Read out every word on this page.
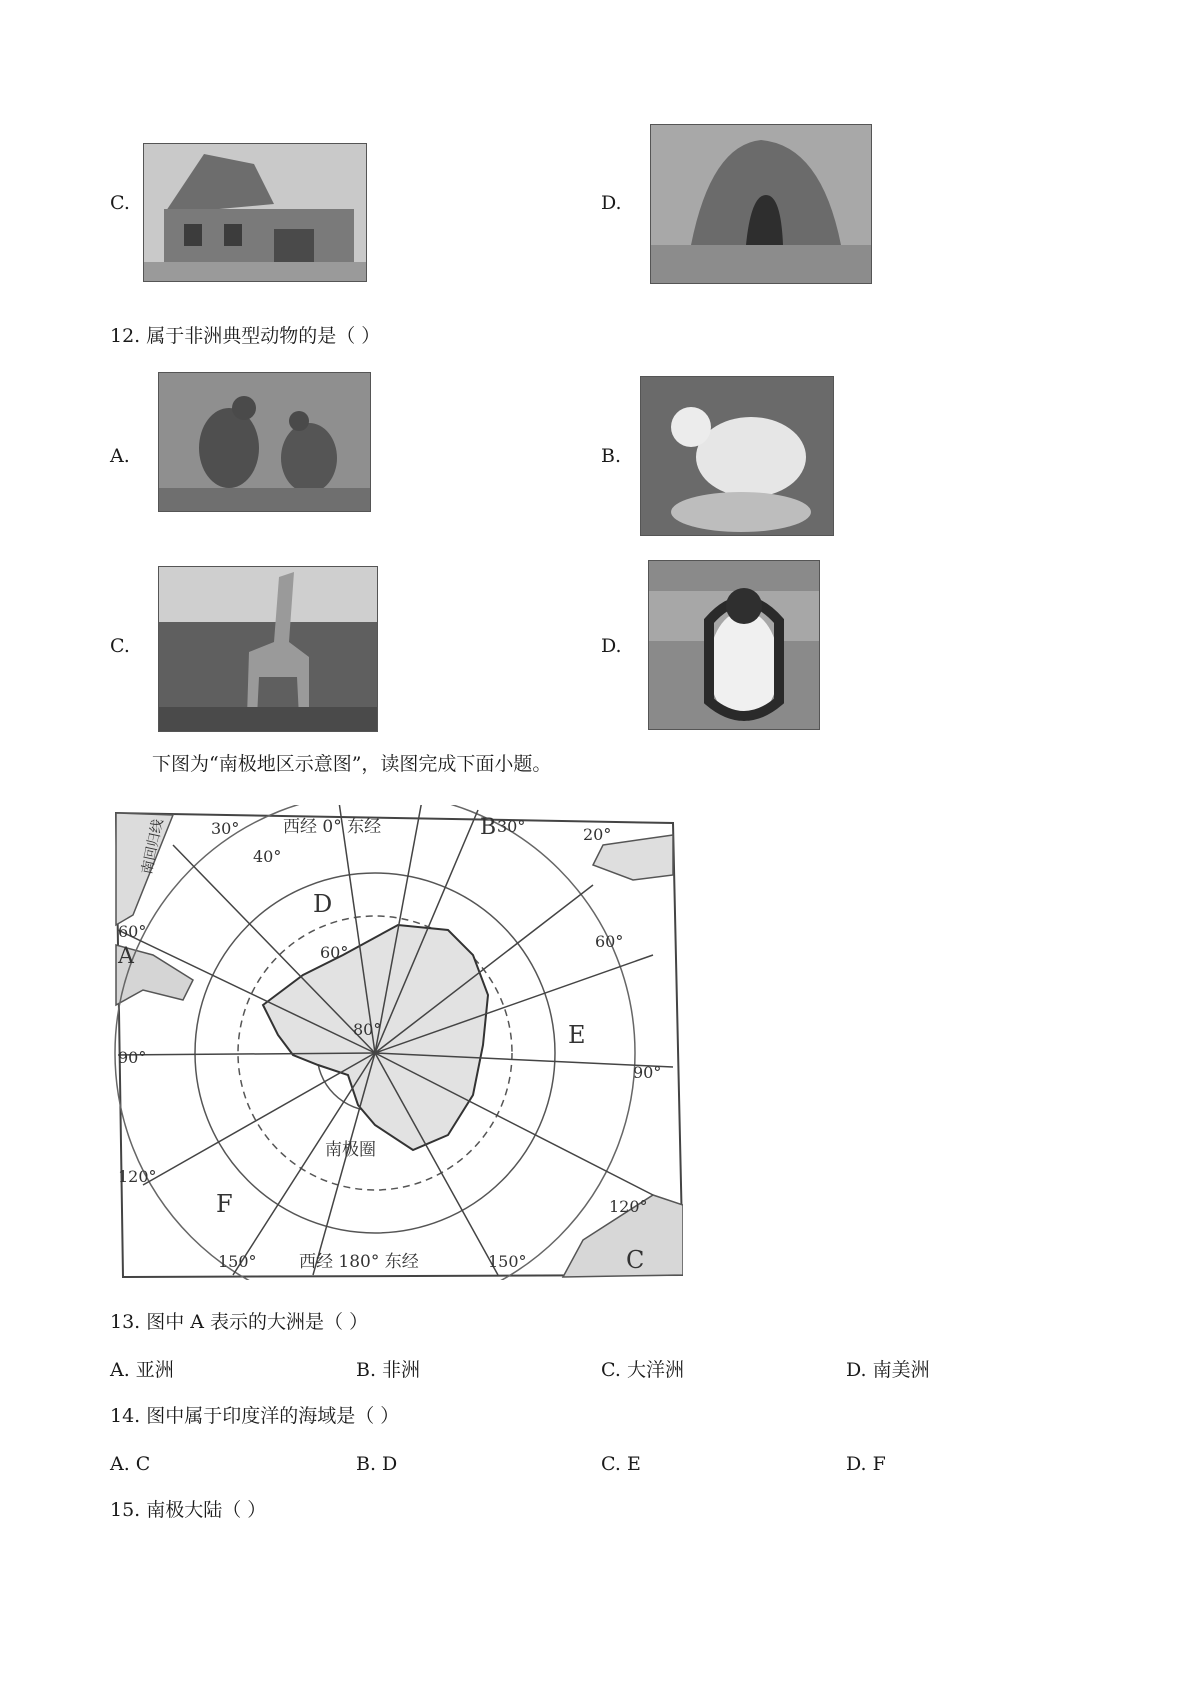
C.	D.
12. 属于非洲典型动物的是（ ）
A.	B.
C.	D.
下图为“南极地区示意图”，读图完成下面小题。
南回归线	30°
40°
西经 0° 东经	B 30°	20°
D
60°
60°
A
60°
80°	E
90°
90°
南极圈
120°
F	120°
150° 西经 180° 东经	150°	C
13. 图中 A 表示的大洲是（ ）
A. 亚洲	B. 非洲	C. 大洋洲	D. 南美洲
14. 图中属于印度洋的海域是（ ）
A. C	B. D	C. E	D. F
15. 南极大陆（ ）
